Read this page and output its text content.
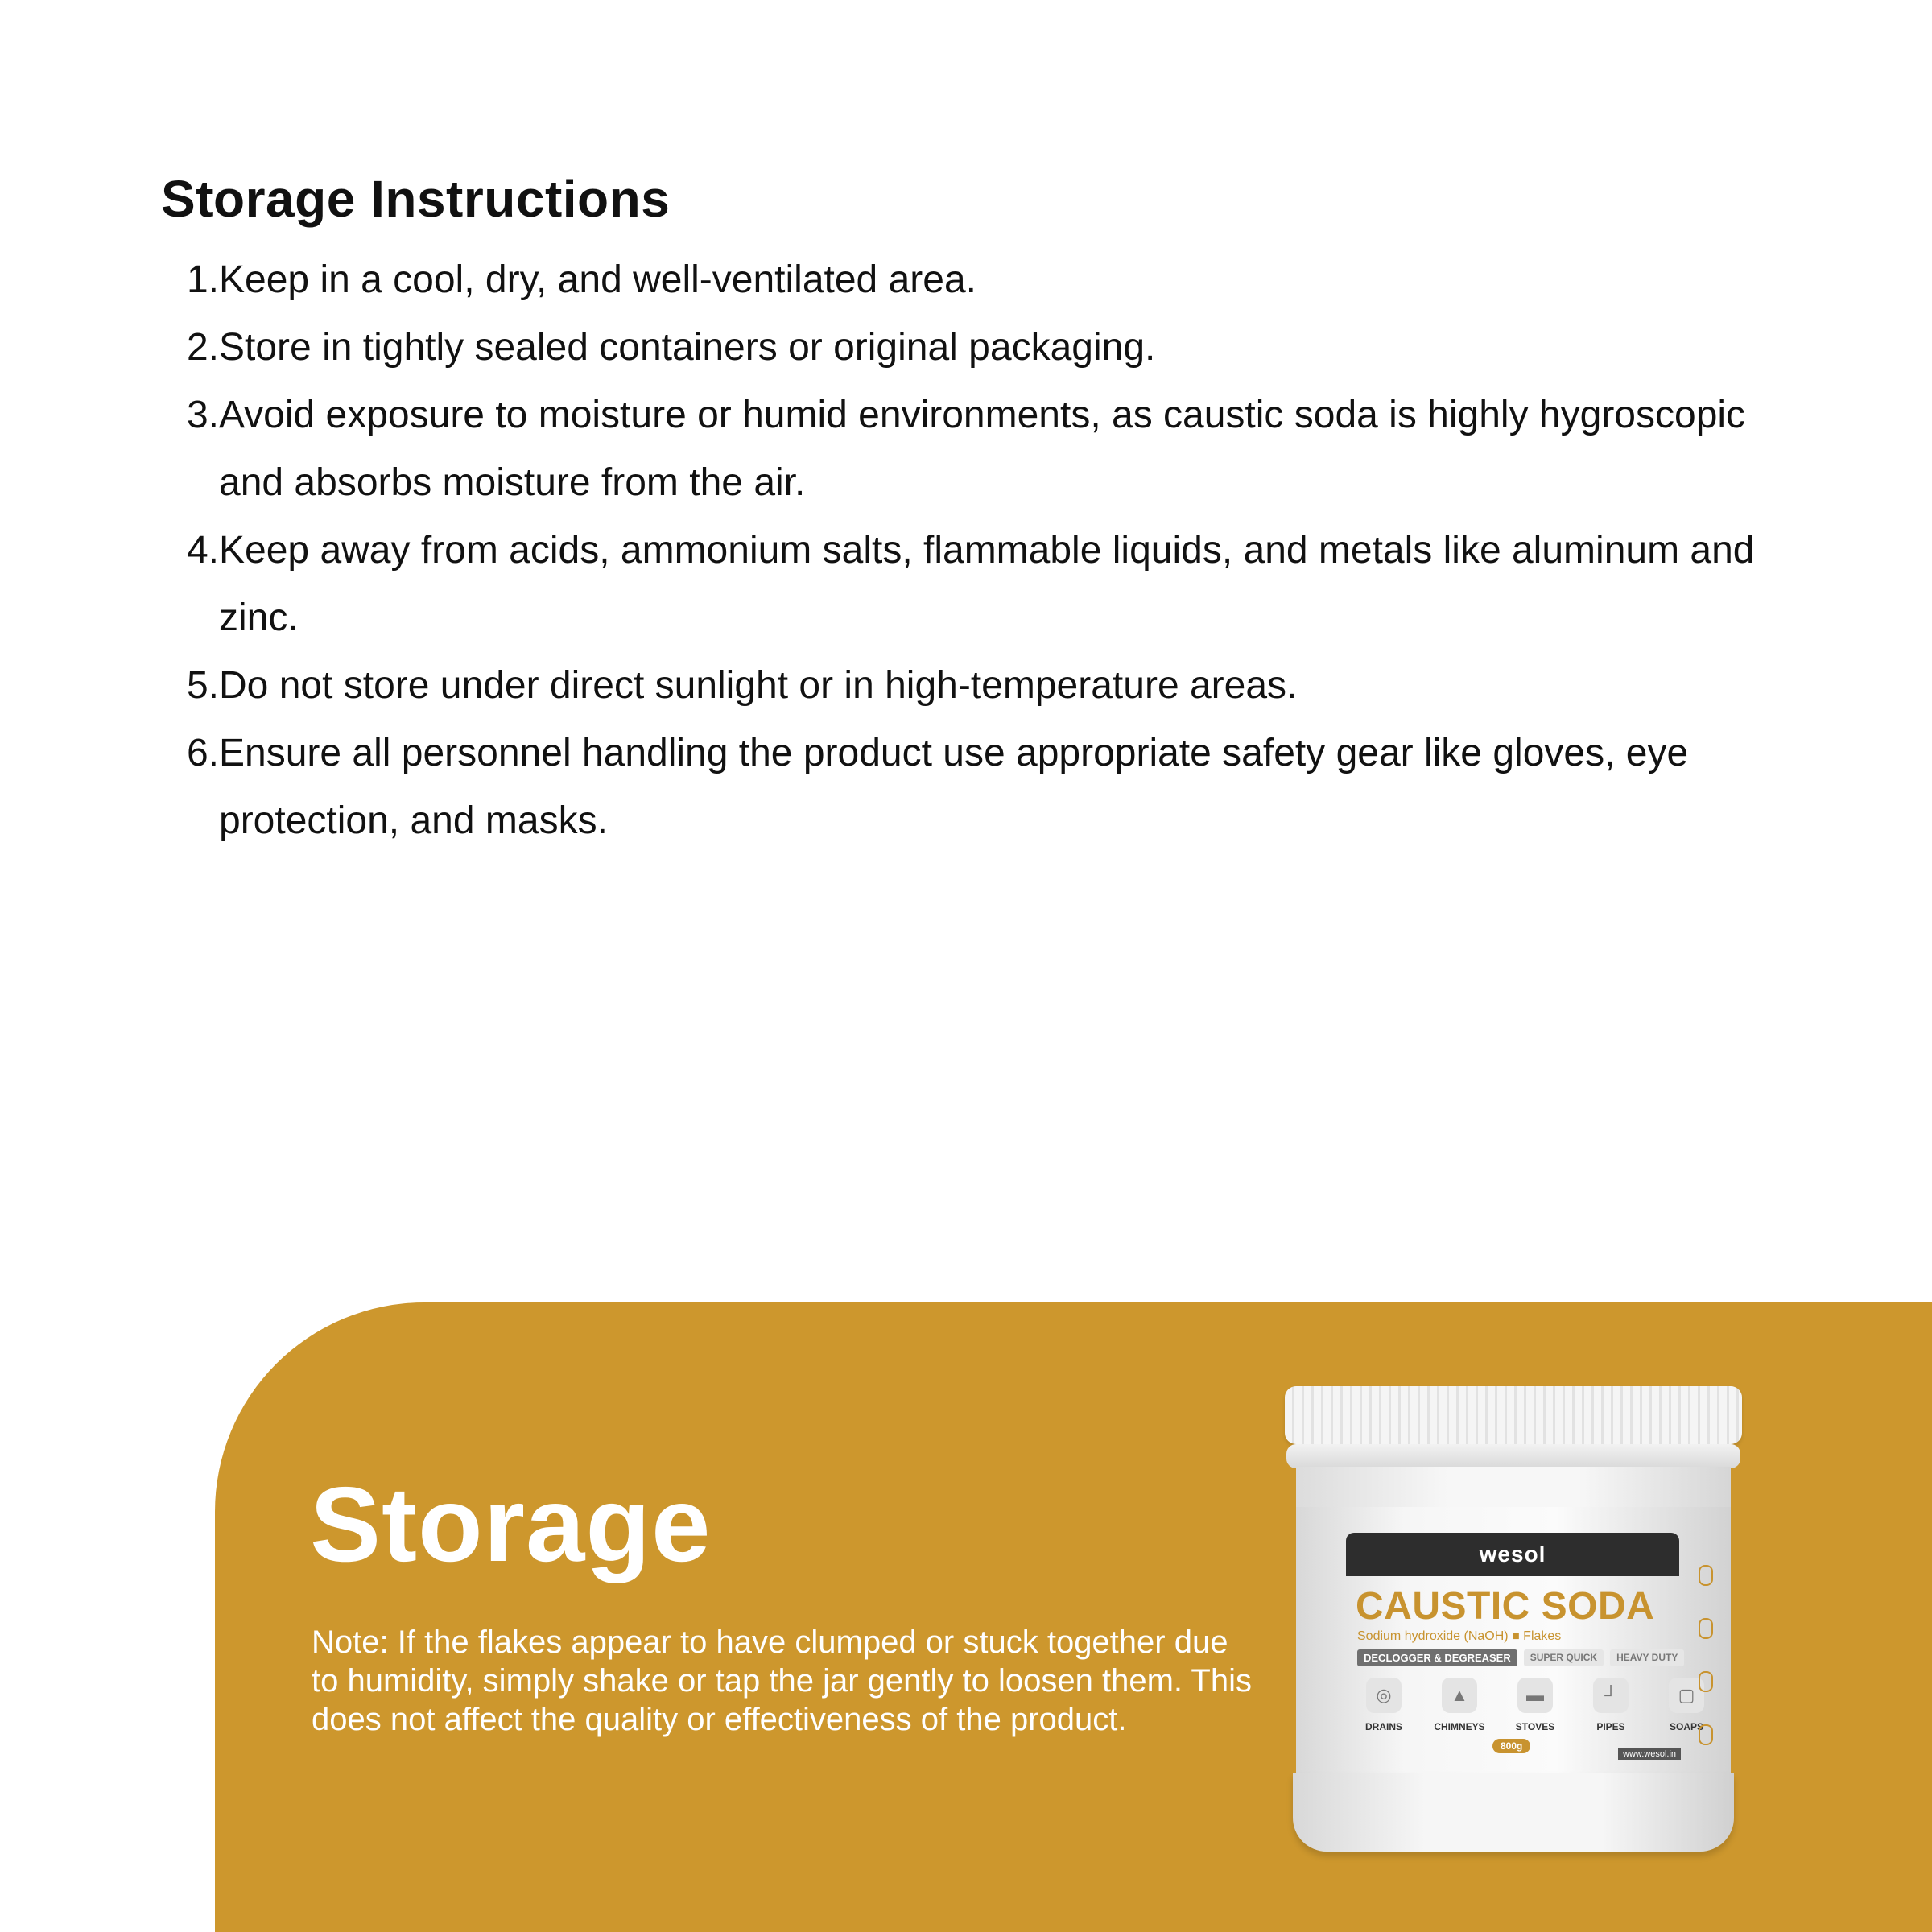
Storage Instructions
1. Keep in a cool, dry, and well-ventilated area.
2. Store in tightly sealed containers or original packaging.
3. Avoid exposure to moisture or humid environments, as caustic soda is highly hygroscopic and absorbs moisture from the air.
4. Keep away from acids, ammonium salts, flammable liquids, and metals like aluminum and zinc.
5. Do not store under direct sunlight or in high-temperature areas.
6. Ensure all personnel handling the product use appropriate safety gear like gloves, eye protection, and masks.
Storage

Note: If the flakes appear to have clumped or stuck together due to humidity, simply shake or tap the jar gently to loosen them. This does not affect the quality or effectiveness of the product.

wesol
CAUSTIC SODA
Sodium hydroxide (NaOH) ■ Flakes
DECLOGGER & DEGREASER	SUPER QUICK	HEAVY DUTY
◎
DRAINS
▲
CHIMNEYS
▬
STOVES
┘
PIPES
▢
SOAPS
800g
www.wesol.in
